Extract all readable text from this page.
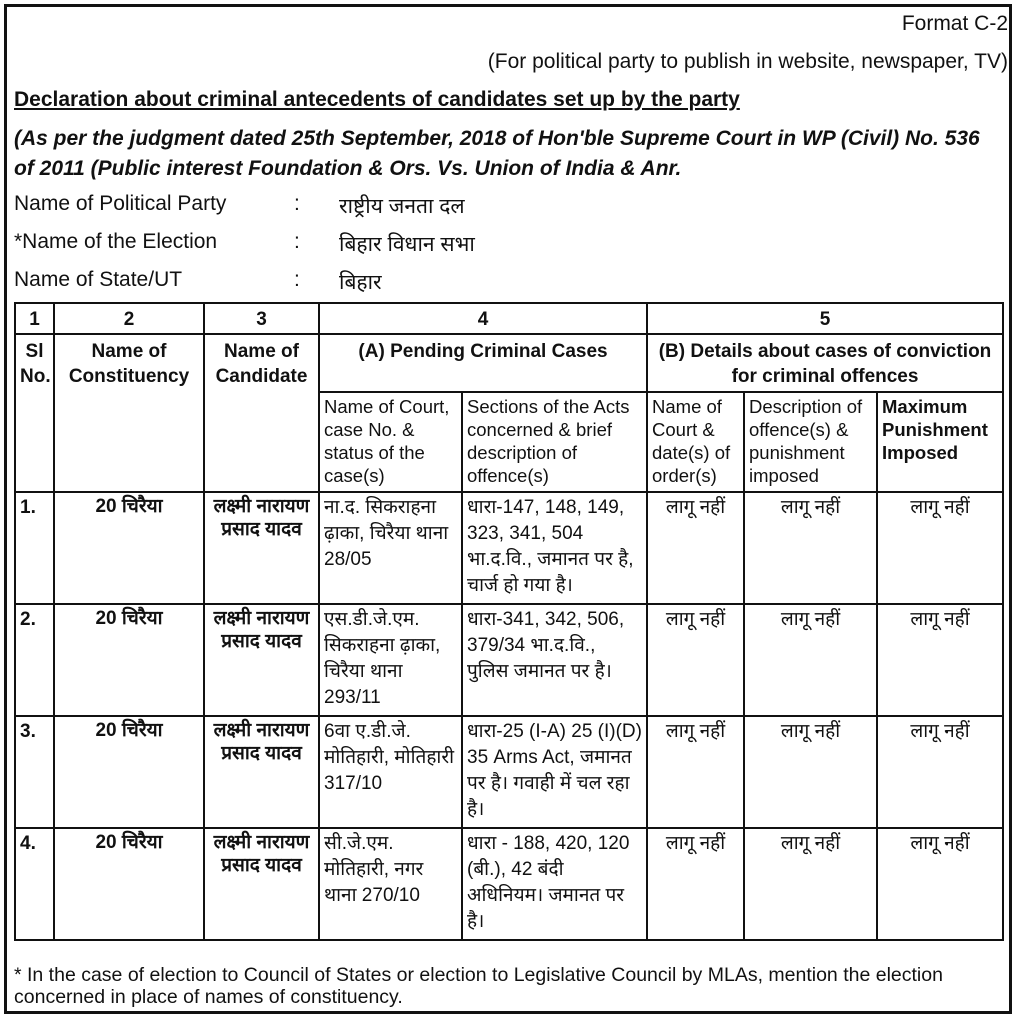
Format C-2
(For political party to publish in website, newspaper, TV)
Declaration about criminal antecedents of candidates set up by the party
(As per the judgment dated 25th September, 2018 of Hon'ble Supreme Court in WP (Civil) No. 536 of 2011 (Public interest Foundation & Ors. Vs. Union of India & Anr.
Name of Political Party	: राष्ट्रीय जनता दल
*Name of the Election	: बिहार विधान सभा
Name of State/UT	: बिहार
1	2	3	4		5		
Sl No.	Name of Constituency	Name of Candidate	(A) Pending Criminal Cases		(B) Details about cases of conviction for criminal offences		
			Name of Court, case No. & status of the case(s)	Sections of the Acts concerned & brief description of offence(s)	Name of Court & date(s) of order(s)	Description of offence(s) & punishment imposed	Maximum Punishment Imposed
1.	20 चिरैया	लक्ष्मी नारायण प्रसाद यादव	ना.द. सिकराहना ढ़ाका, चिरैया थाना 28/05	धारा-147, 148, 149, 323, 341, 504 भा.द.वि., जमानत पर है, चार्ज हो गया है।	लागू नहीं	लागू नहीं	लागू नहीं
2.	20 चिरैया	लक्ष्मी नारायण प्रसाद यादव	एस.डी.जे.एम. सिकराहना ढ़ाका, चिरैया थाना 293/11	धारा-341, 342, 506, 379/34 भा.द.वि., पुलिस जमानत पर है।	लागू नहीं	लागू नहीं	लागू नहीं
3.	20 चिरैया	लक्ष्मी नारायण प्रसाद यादव	6वा ए.डी.जे. मोतिहारी, मोतिहारी 317/10	धारा-25 (I-A) 25 (I)(D) 35 Arms Act, जमानत पर है। गवाही में चल रहा है।	लागू नहीं	लागू नहीं	लागू नहीं
4.	20 चिरैया	लक्ष्मी नारायण प्रसाद यादव	सी.जे.एम. मोतिहारी, नगर थाना 270/10	धारा - 188, 420, 120 (बी.), 42 बंदी अधिनियम। जमानत पर है।	लागू नहीं	लागू नहीं	लागू नहीं
* In the case of election to Council of States or election to Legislative Council by MLAs, mention the election concerned in place of names of constituency.
